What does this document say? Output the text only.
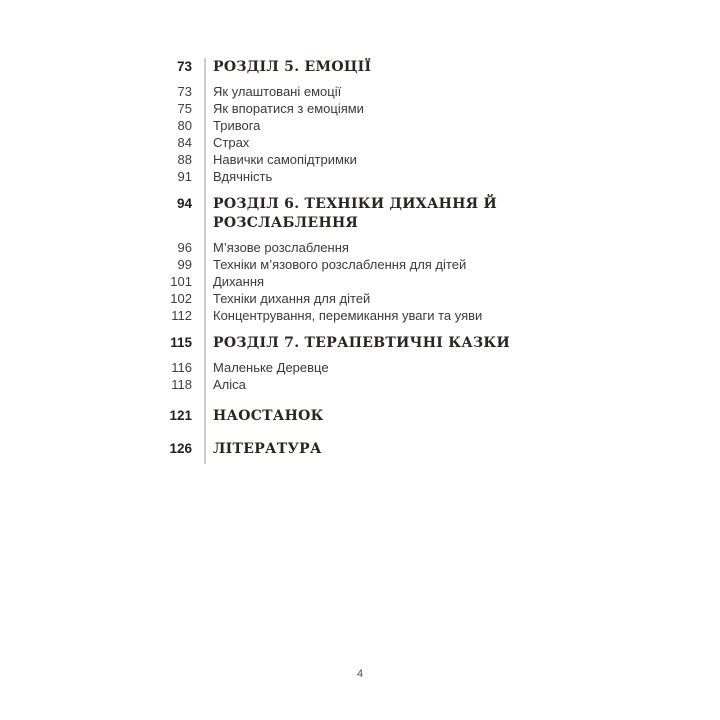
73 РОЗДІЛ 5. ЕМОЦІЇ
73 Як улаштовані емоції
75 Як впоратися з емоціями
80 Тривога
84 Страх
88 Навички самопідтримки
91 Вдячність
94 РОЗДІЛ 6. ТЕХНІКИ ДИХАННЯ Й  РОЗСЛАБЛЕННЯ
96 М’язове розслаблення
99 Техніки м’язового розслаблення для дітей
101 Дихання
102 Техніки дихання для дітей
112 Концентрування, перемикання уваги та уяви
115 РОЗДІЛ 7. ТЕРАПЕВТИЧНІ КАЗКИ
116 Маленьке Деревце
118 Аліса
121 НАОСТАНОК
126 ЛІТЕРАТУРА
4
